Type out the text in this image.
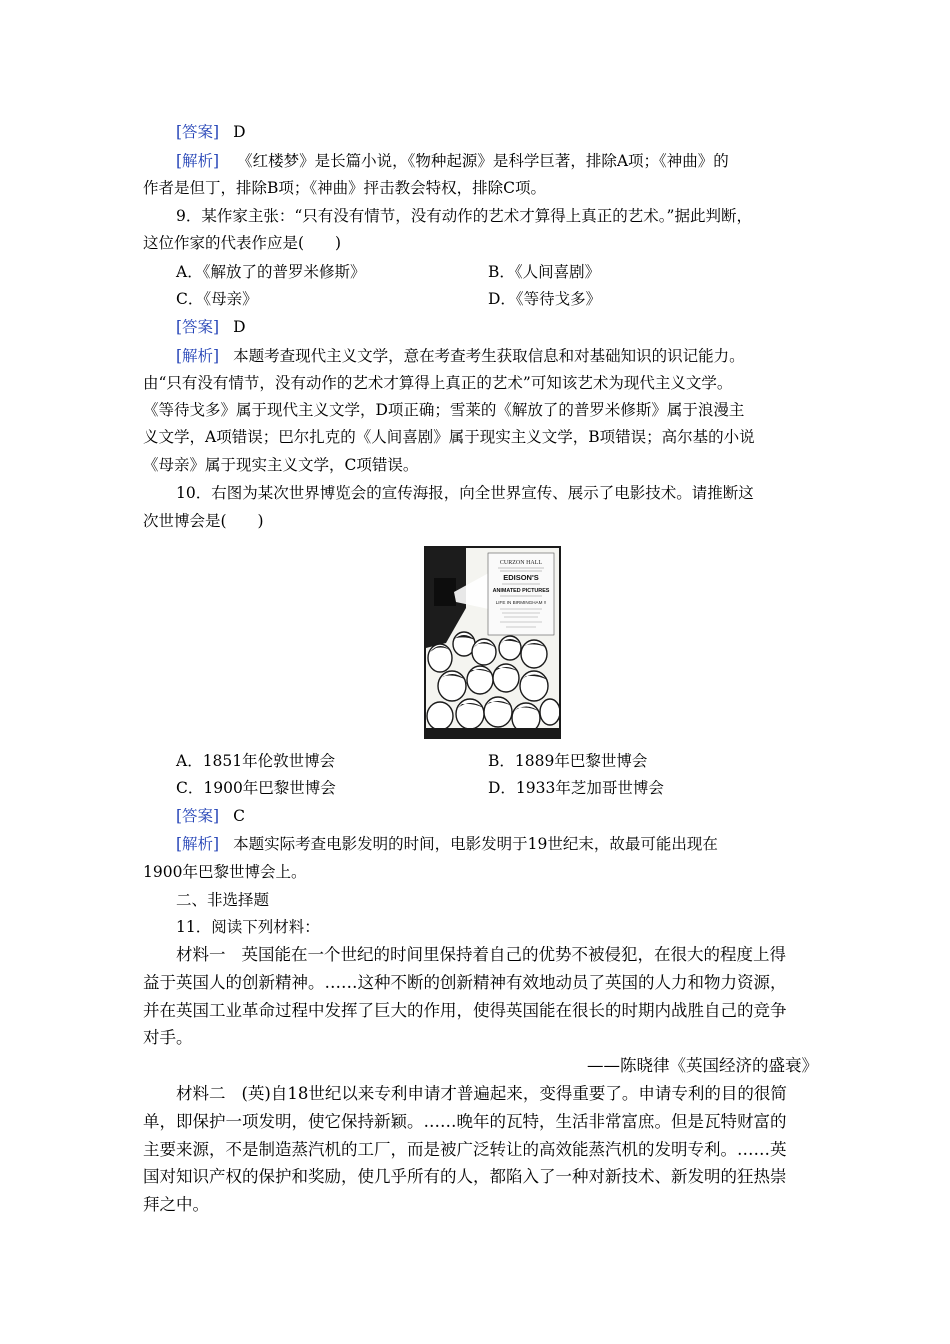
[答案] D
[解析] 《红楼梦》是长篇小说，《物种起源》是科学巨著，排除A项；《神曲》的
作者是但丁，排除B项；《神曲》抨击教会特权，排除C项。
9．某作家主张：“只有没有情节，没有动作的艺术才算得上真正的艺术。”据此判断，
这位作家的代表作应是(　　)
A．《解放了的普罗米修斯》	B．《人间喜剧》
C．《母亲》	D．《等待戈多》
[答案] D
[解析] 本题考查现代主义文学，意在考查考生获取信息和对基础知识的识记能力。
由“只有没有情节，没有动作的艺术才算得上真正的艺术”可知该艺术为现代主义文学。
《等待戈多》属于现代主义文学，D项正确；雪莱的《解放了的普罗米修斯》属于浪漫主
义文学，A项错误；巴尔扎克的《人间喜剧》属于现实主义文学，B项错误；高尔基的小说
《母亲》属于现实主义文学，C项错误。
10．右图为某次世界博览会的宣传海报，向全世界宣传、展示了电影技术。请推断这
次世博会是(　　)
CURZON HALL
EDISON'S
ANIMATED PICTURES
LIFE IN BIRMINGHAM !!
A．1851年伦敦世博会	B．1889年巴黎世博会
C．1900年巴黎世博会	D．1933年芝加哥世博会
[答案] C
[解析] 本题实际考查电影发明的时间，电影发明于19世纪末，故最可能出现在
1900年巴黎世博会上。
二、非选择题
11．阅读下列材料：
材料一 英国能在一个世纪的时间里保持着自己的优势不被侵犯，在很大的程度上得
益于英国人的创新精神。……这种不断的创新精神有效地动员了英国的人力和物力资源，
并在英国工业革命过程中发挥了巨大的作用，使得英国能在很长的时期内战胜自己的竞争
对手。
——陈晓律《英国经济的盛衰》
材料二 (英)自18世纪以来专利申请才普遍起来，变得重要了。申请专利的目的很简
单，即保护一项发明，使它保持新颖。……晚年的瓦特，生活非常富庶。但是瓦特财富的
主要来源，不是制造蒸汽机的工厂，而是被广泛转让的高效能蒸汽机的发明专利。……英
国对知识产权的保护和奖励，使几乎所有的人，都陷入了一种对新技术、新发明的狂热崇
拜之中。
